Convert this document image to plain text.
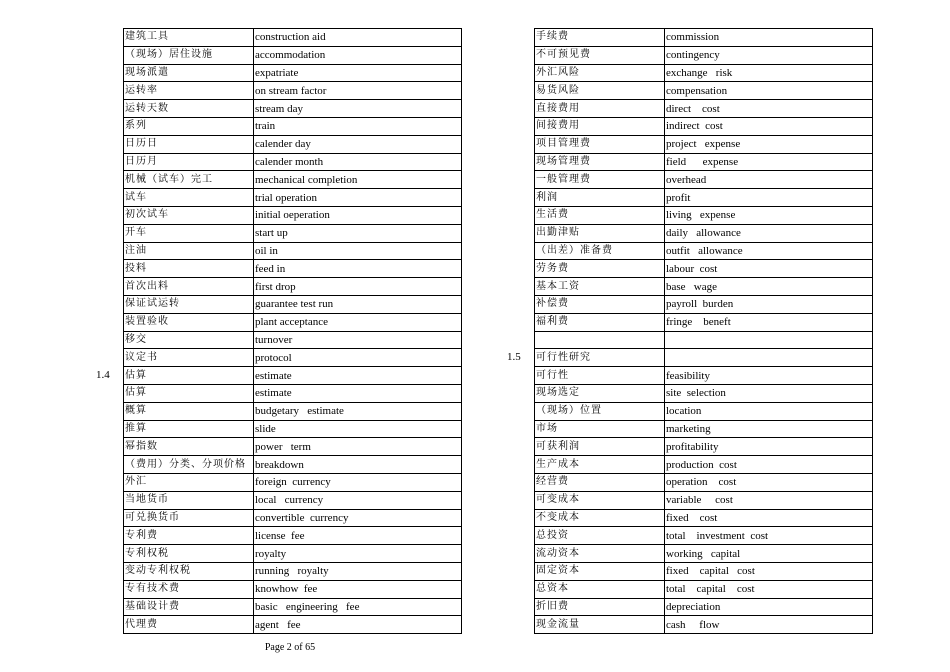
1.4
1.5
建筑工具	construction aid
（现场）居住设施	accommodation
现场派遣	expatriate
运转率	on stream factor
运转天数	stream day
系列	train
日历日	calender day
日历月	calender month
机械（试车）完工	mechanical completion
试车	trial operation
初次试车	initial oeperation
开车	start up
注油	oil in
投料	feed in
首次出料	first drop
保证试运转	guarantee test run
装置验收	plant acceptance
移交	turnover
议定书	protocol
估算	estimate
估算	estimate
概算	budgetary   estimate
推算	slide
幂指数	power   term
（费用）分类、分项价格	breakdown
外汇	foreign  currency
当地货币	local   currency
可兑换货币	convertible  currency
专利费	license  fee
专利权税	royalty
变动专利权税	running   royalty
专有技术费	knowhow  fee
基础设计费	basic   engineering   fee
代理费	agent   fee
手续费	commission
不可预见费	contingency
外汇风险	exchange   risk
易货风险	compensation
直接费用	direct    cost
间接费用	indirect  cost
项目管理费	project   expense
现场管理费	field      expense
一般管理费	overhead
利润	profit
生活费	living   expense
出勤津贴	daily   allowance
（出差）准备费	outfit   allowance
劳务费	labour  cost
基本工资	base   wage
补偿费	payroll  burden
福利费	fringe    beneft

可行性研究	
可行性	feasibility
现场选定	site  selection
（现场）位置	location
市场	marketing
可获利润	profitability
生产成本	production  cost
经营费	operation    cost
可变成本	variable     cost
不变成本	fixed    cost
总投资	total    investment  cost
流动资本	working   capital
固定资本	fixed    capital   cost
总资本	total    capital    cost
折旧费	depreciation
现金流量	cash     flow
Page 2 of 65
